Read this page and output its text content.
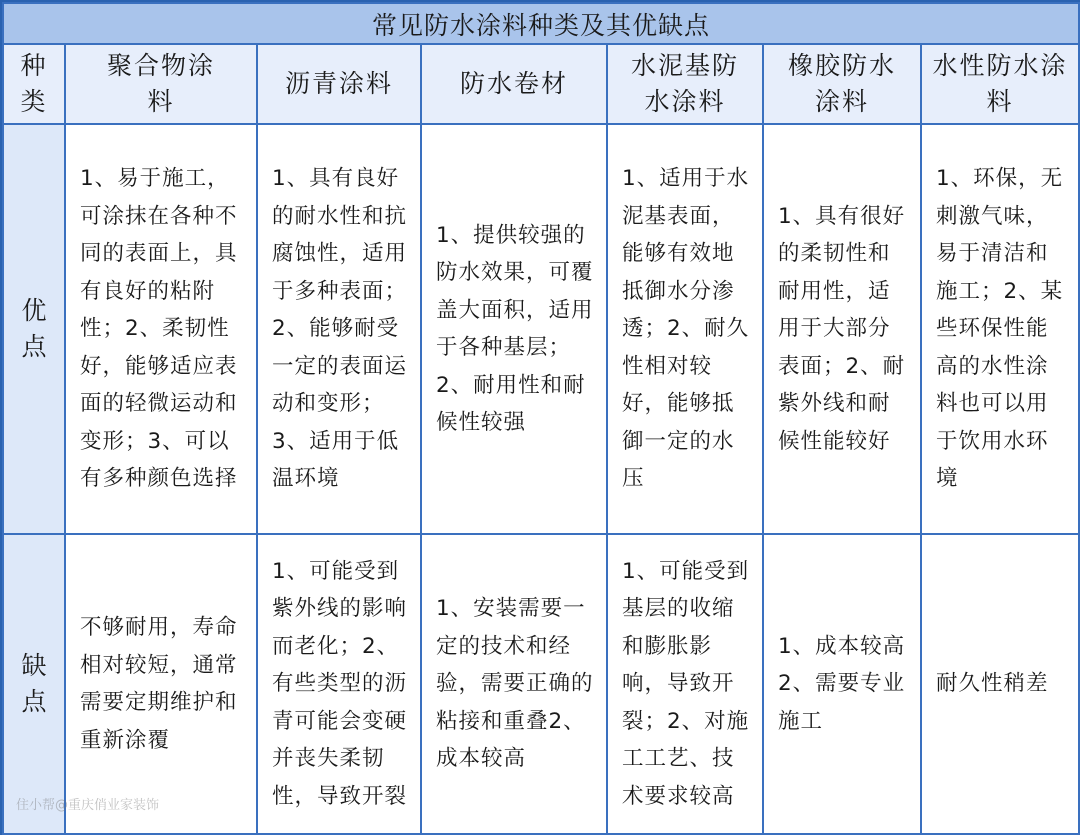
常见防水涂料种类及其优缺点						

种
类	聚合物涂料	沥青涂料	防水卷材	水泥基防水涂料	橡胶防水涂料	水性防水涂料

优
点	1、易于施工，可涂抹在各种不同的表面上，具有良好的粘附性；2、柔韧性好，能够适应表面的轻微运动和变形；3、可以有多种颜色选择	1、具有良好的耐水性和抗腐蚀性，适用于多种表面；2、能够耐受一定的表面运动和变形；3、适用于低温环境	1、提供较强的防水效果，可覆盖大面积，适用于各种基层；2、耐用性和耐候性较强	1、适用于水泥基表面，能够有效地抵御水分渗透；2、耐久性相对较好，能够抵御一定的水压	1、具有很好的柔韧性和耐用性，适用于大部分表面；2、耐紫外线和耐候性能较好	1、环保，无刺激气味，易于清洁和施工；2、某些环保性能高的水性涂料也可以用于饮用水环境

缺
点	不够耐用，寿命相对较短，通常需要定期维护和重新涂覆	1、可能受到紫外线的影响而老化；2、有些类型的沥青可能会变硬并丧失柔韧性，导致开裂	1、安装需要一定的技术和经验，需要正确的粘接和重叠2、成本较高	1、可能受到基层的收缩和膨胀影响，导致开裂；2、对施工工艺、技术要求较高	1、成本较高2、需要专业施工	耐久性稍差
住小帮@重庆俏业家装饰
